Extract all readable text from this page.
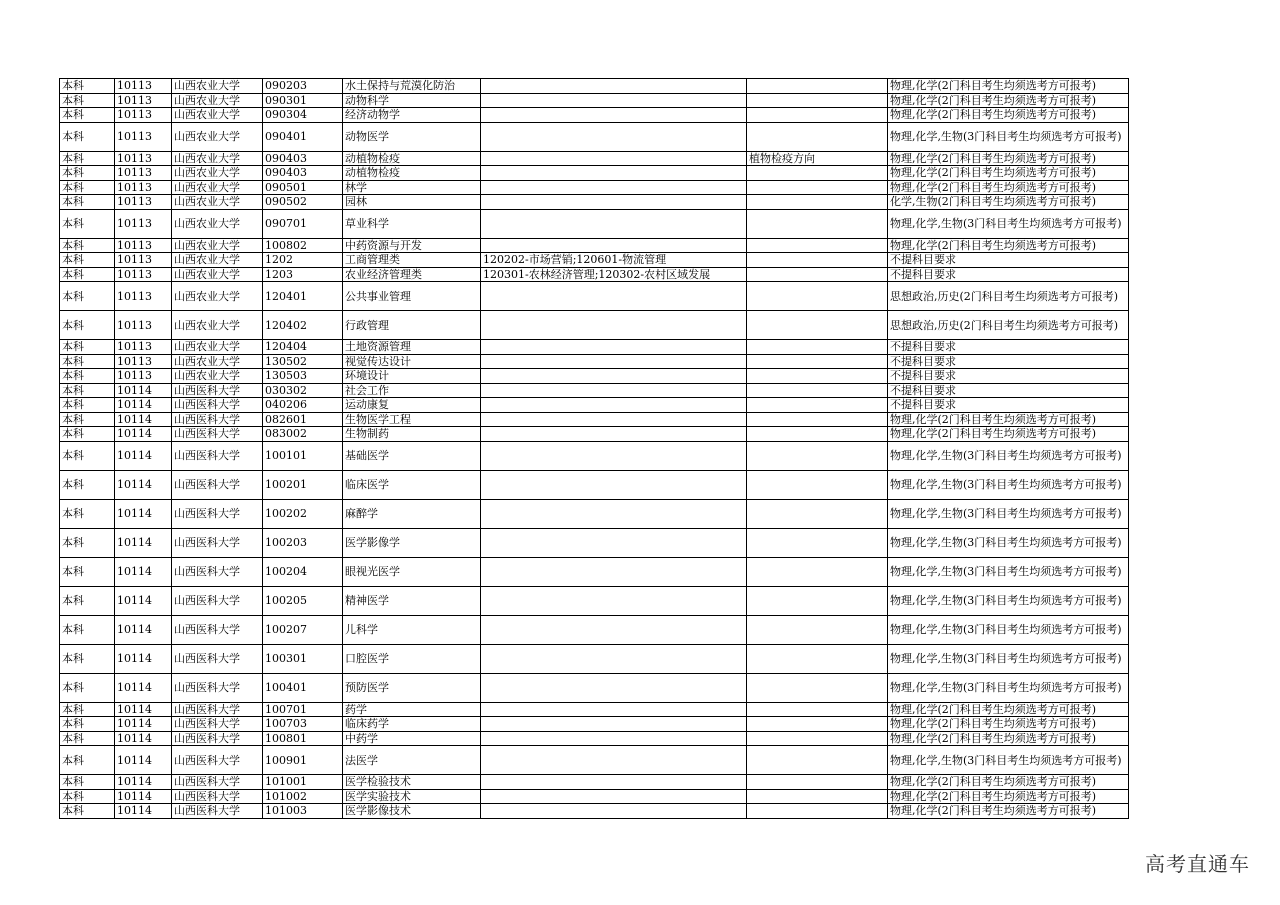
本科	10113	山西农业大学	090203	水土保持与荒漠化防治			物理,化学(2门科目考生均须选考方可报考)
本科	10113	山西农业大学	090301	动物科学			物理,化学(2门科目考生均须选考方可报考)
本科	10113	山西农业大学	090304	经济动物学			物理,化学(2门科目考生均须选考方可报考)
本科	10113	山西农业大学	090401	动物医学			物理,化学,生物(3门科目考生均须选考方可报考)
本科	10113	山西农业大学	090403	动植物检疫		植物检疫方向	物理,化学(2门科目考生均须选考方可报考)
本科	10113	山西农业大学	090403	动植物检疫			物理,化学(2门科目考生均须选考方可报考)
本科	10113	山西农业大学	090501	林学			物理,化学(2门科目考生均须选考方可报考)
本科	10113	山西农业大学	090502	园林			化学,生物(2门科目考生均须选考方可报考)
本科	10113	山西农业大学	090701	草业科学			物理,化学,生物(3门科目考生均须选考方可报考)
本科	10113	山西农业大学	100802	中药资源与开发			物理,化学(2门科目考生均须选考方可报考)
本科	10113	山西农业大学	1202	工商管理类	120202-市场营销;120601-物流管理		不提科目要求
本科	10113	山西农业大学	1203	农业经济管理类	120301-农林经济管理;120302-农村区域发展		不提科目要求
本科	10113	山西农业大学	120401	公共事业管理			思想政治,历史(2门科目考生均须选考方可报考)
本科	10113	山西农业大学	120402	行政管理			思想政治,历史(2门科目考生均须选考方可报考)
本科	10113	山西农业大学	120404	土地资源管理			不提科目要求
本科	10113	山西农业大学	130502	视觉传达设计			不提科目要求
本科	10113	山西农业大学	130503	环境设计			不提科目要求
本科	10114	山西医科大学	030302	社会工作			不提科目要求
本科	10114	山西医科大学	040206	运动康复			不提科目要求
本科	10114	山西医科大学	082601	生物医学工程			物理,化学(2门科目考生均须选考方可报考)
本科	10114	山西医科大学	083002	生物制药			物理,化学(2门科目考生均须选考方可报考)
本科	10114	山西医科大学	100101	基础医学			物理,化学,生物(3门科目考生均须选考方可报考)
本科	10114	山西医科大学	100201	临床医学			物理,化学,生物(3门科目考生均须选考方可报考)
本科	10114	山西医科大学	100202	麻醉学			物理,化学,生物(3门科目考生均须选考方可报考)
本科	10114	山西医科大学	100203	医学影像学			物理,化学,生物(3门科目考生均须选考方可报考)
本科	10114	山西医科大学	100204	眼视光医学			物理,化学,生物(3门科目考生均须选考方可报考)
本科	10114	山西医科大学	100205	精神医学			物理,化学,生物(3门科目考生均须选考方可报考)
本科	10114	山西医科大学	100207	儿科学			物理,化学,生物(3门科目考生均须选考方可报考)
本科	10114	山西医科大学	100301	口腔医学			物理,化学,生物(3门科目考生均须选考方可报考)
本科	10114	山西医科大学	100401	预防医学			物理,化学,生物(3门科目考生均须选考方可报考)
本科	10114	山西医科大学	100701	药学			物理,化学(2门科目考生均须选考方可报考)
本科	10114	山西医科大学	100703	临床药学			物理,化学(2门科目考生均须选考方可报考)
本科	10114	山西医科大学	100801	中药学			物理,化学(2门科目考生均须选考方可报考)
本科	10114	山西医科大学	100901	法医学			物理,化学,生物(3门科目考生均须选考方可报考)
本科	10114	山西医科大学	101001	医学检验技术			物理,化学(2门科目考生均须选考方可报考)
本科	10114	山西医科大学	101002	医学实验技术			物理,化学(2门科目考生均须选考方可报考)
本科	10114	山西医科大学	101003	医学影像技术			物理,化学(2门科目考生均须选考方可报考)
高考直通车
